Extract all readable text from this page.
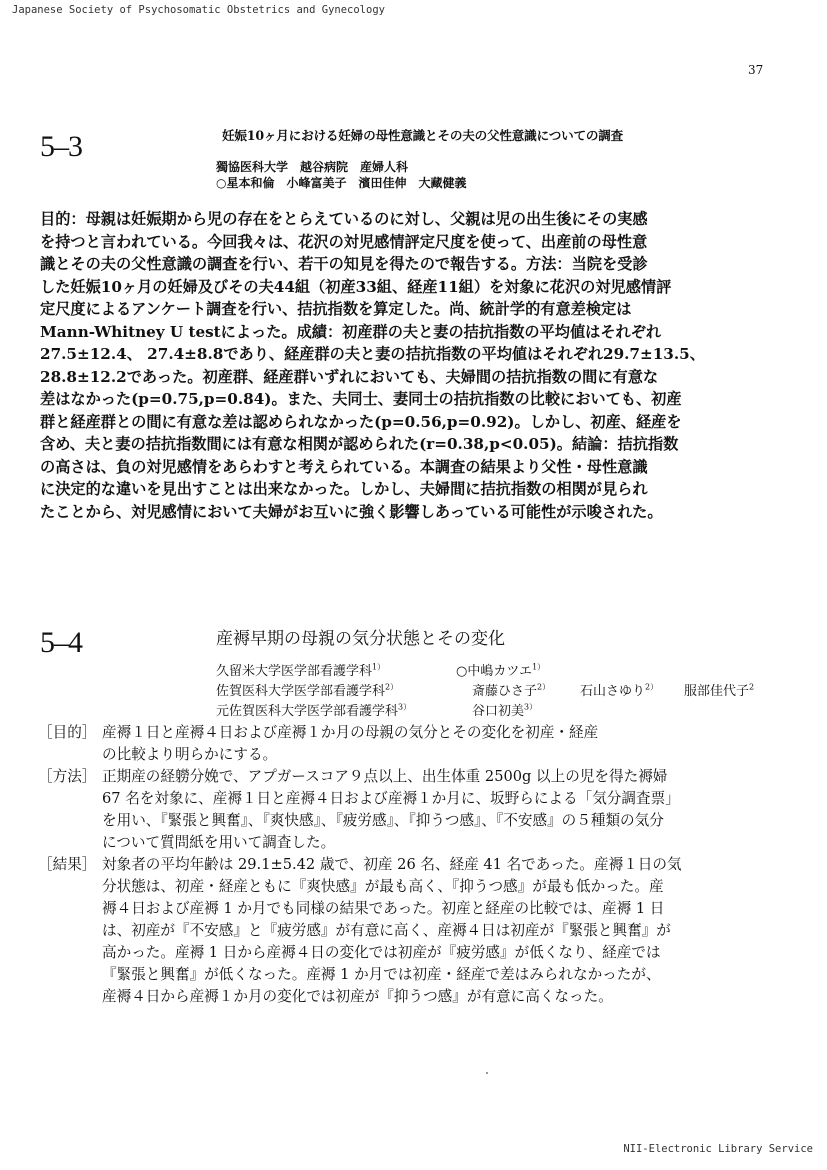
Japanese Society of Psychosomatic Obstetrics and Gynecology
37
5–3	妊娠10ヶ月における妊婦の母性意識とその夫の父性意識についての調査
獨協医科大学　越谷病院　産婦人科
○星本和倫　小峰富美子　濱田佳伸　大藏健義
目的：母親は妊娠期から児の存在をとらえているのに対し、父親は児の出生後にその実感
を持つと言われている。今回我々は、花沢の対児感情評定尺度を使って、出産前の母性意
識とその夫の父性意識の調査を行い、若干の知見を得たので報告する。方法：当院を受診
した妊娠10ヶ月の妊婦及びその夫44組（初産33組、経産11組）を対象に花沢の対児感情評
定尺度によるアンケート調査を行い、拮抗指数を算定した。尚、統計学的有意差検定は
Mann-Whitney U testによった。成績：初産群の夫と妻の拮抗指数の平均値はそれぞれ
27.5±12.4、 27.4±8.8であり、経産群の夫と妻の拮抗指数の平均値はそれぞれ29.7±13.5、
28.8±12.2であった。初産群、経産群いずれにおいても、夫婦間の拮抗指数の間に有意な
差はなかった(p=0.75,p=0.84)。また、夫同士、妻同士の拮抗指数の比較においても、初産
群と経産群との間に有意な差は認められなかった(p=0.56,p=0.92)。しかし、初産、経産を
含め、夫と妻の拮抗指数間には有意な相関が認められた(r=0.38,p<0.05)。結論：拮抗指数
の高さは、負の対児感情をあらわすと考えられている。本調査の結果より父性・母性意識
に決定的な違いを見出すことは出来なかった。しかし、夫婦間に拮抗指数の相関が見られ
たことから、対児感情において夫婦がお互いに強く影響しあっている可能性が示唆された。
5–4	産褥早期の母親の気分状態とその変化
久留米大学医学部看護学科$^{1)}$	○中嶋カツエ$^{1)}$
佐賀医科大学医学部看護学科$^{2)}$	斎藤ひさ子$^{2)}$ 石山さゆり$^{2)}$ 服部佳代子$^2$
元佐賀医科大学医学部看護学科$^{3)}$	谷口初美$^{3)}$
［目的］ 産褥１日と産褥４日および産褥１か月の母親の気分とその変化を初産・経産
の比較より明らかにする。
［方法］ 正期産の経軂分娩で、アプガースコア９点以上、出生体重 2500g 以上の児を得た褥婦
67 名を対象に、産褥１日と産褥４日および産褥１か月に、坂野らによる「気分調査票」
を用い、『緊張と興奮』、『爽快感』、『疲労感』、『抑うつ感』、『不安感』の５種類の気分
について質問紙を用いて調査した。
［結果］ 対象者の平均年齢は 29.1±5.42 歳で、初産 26 名、経産 41 名であった。産褥１日の気
分状態は、初産・経産ともに『爽快感』が最も高く、『抑うつ感』が最も低かった。産
褥４日および産褥 1 か月でも同様の結果であった。初産と経産の比較では、産褥 1 日
は、初産が『不安感』と『疲労感』が有意に高く、産褥４日は初産が『緊張と興奮』が
高かった。産褥 1 日から産褥４日の変化では初産が『疲労感』が低くなり、経産では
『緊張と興奮』が低くなった。産褥 1 か月では初産・経産で差はみられなかったが、
産褥４日から産褥１か月の変化では初産が『抑うつ感』が有意に高くなった。
NII-Electronic Library Service
